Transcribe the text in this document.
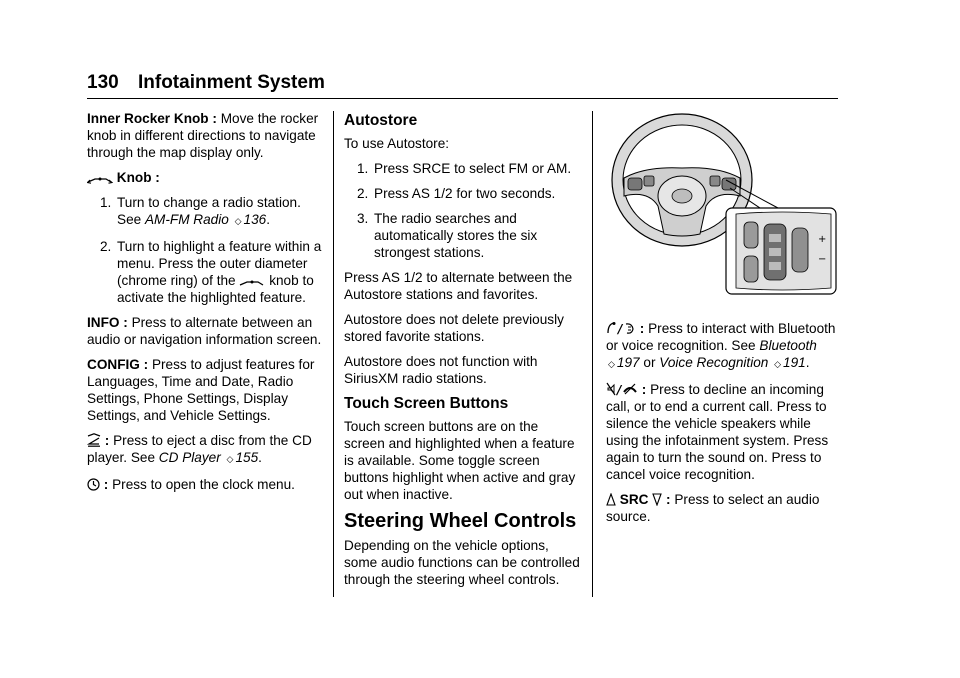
130 Infotainment System

Inner Rocker Knob : Move the rocker knob in different directions to navigate through the map display only.

Knob :

1. Turn to change a radio station. See AM-FM Radio ◇ 136.
2. Turn to highlight a feature within a menu. Press the outer diameter (chrome ring) of the knob to activate the highlighted feature.

INFO : Press to alternate between an audio or navigation information screen.

CONFIG : Press to adjust features for Languages, Time and Date, Radio Settings, Phone Settings, Display Settings, and Vehicle Settings.

: Press to eject a disc from the CD player. See CD Player ◇ 155.

: Press to open the clock menu.

Autostore

To use Autostore:

1. Press SRCE to select FM or AM.
2. Press AS 1/2 for two seconds.
3. The radio searches and automatically stores the six strongest stations.

Press AS 1/2 to alternate between the Autostore stations and favorites.

Autostore does not delete previously stored favorite stations.

Autostore does not function with SiriusXM radio stations.

Touch Screen Buttons

Touch screen buttons are on the screen and highlighted when a feature is available. Some toggle screen buttons highlight when active and gray out when inactive.

Steering Wheel Controls

Depending on the vehicle options, some audio functions can be controlled through the steering wheel controls.

+
−

/ : Press to interact with Bluetooth or voice recognition. See Bluetooth ◇ 197 or Voice Recognition ◇ 191.

/ : Press to decline an incoming call, or to end a current call. Press to silence the vehicle speakers while using the infotainment system. Press again to turn the sound on. Press to cancel voice recognition.

SRC : Press to select an audio source.
